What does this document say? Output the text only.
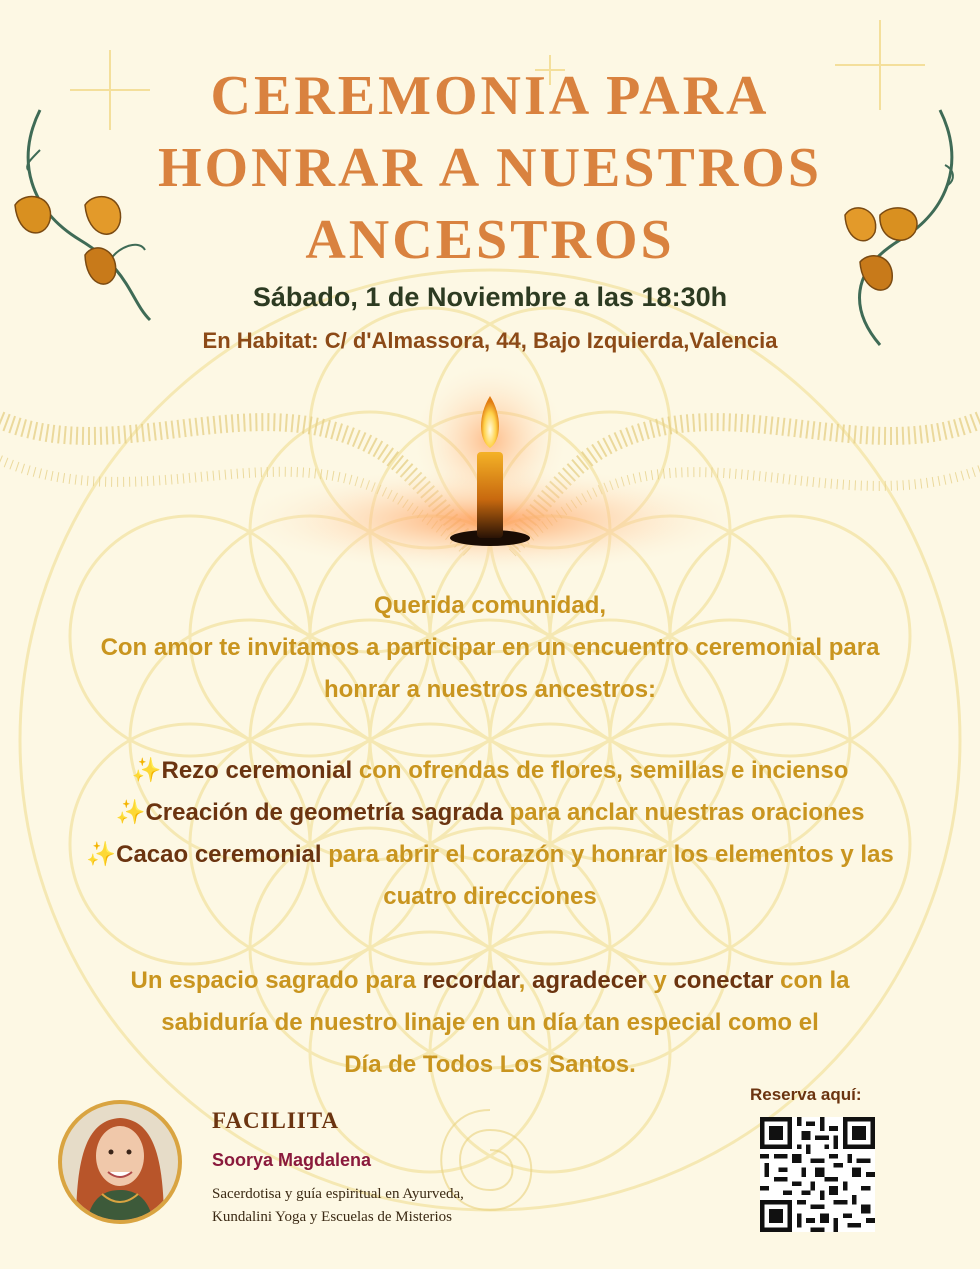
CEREMONIA PARA
HONRAR A NUESTROS
ANCESTROS

Sábado, 1 de Noviembre a las 18:30h

En Habitat: C/ d'Almassora, 44, Bajo Izquierda,Valencia

Querida comunidad,
Con amor te invitamos a participar en un encuentro ceremonial para
honrar a nuestros ancestros:
✨Rezo ceremonial con ofrendas de flores, semillas e incienso
✨Creación de geometría sagrada para anclar nuestras oraciones
✨Cacao ceremonial para abrir el corazón y honrar los elementos y las
cuatro direcciones
Un espacio sagrado para recordar, agradecer y conectar con la
sabiduría de nuestro linaje en un día tan especial como el
Día de Todos Los Santos.
FACILIITA
Soorya Magdalena
Sacerdotisa y guía espiritual en Ayurveda,
Kundalini Yoga y Escuelas de Misterios
Reserva aquí:
